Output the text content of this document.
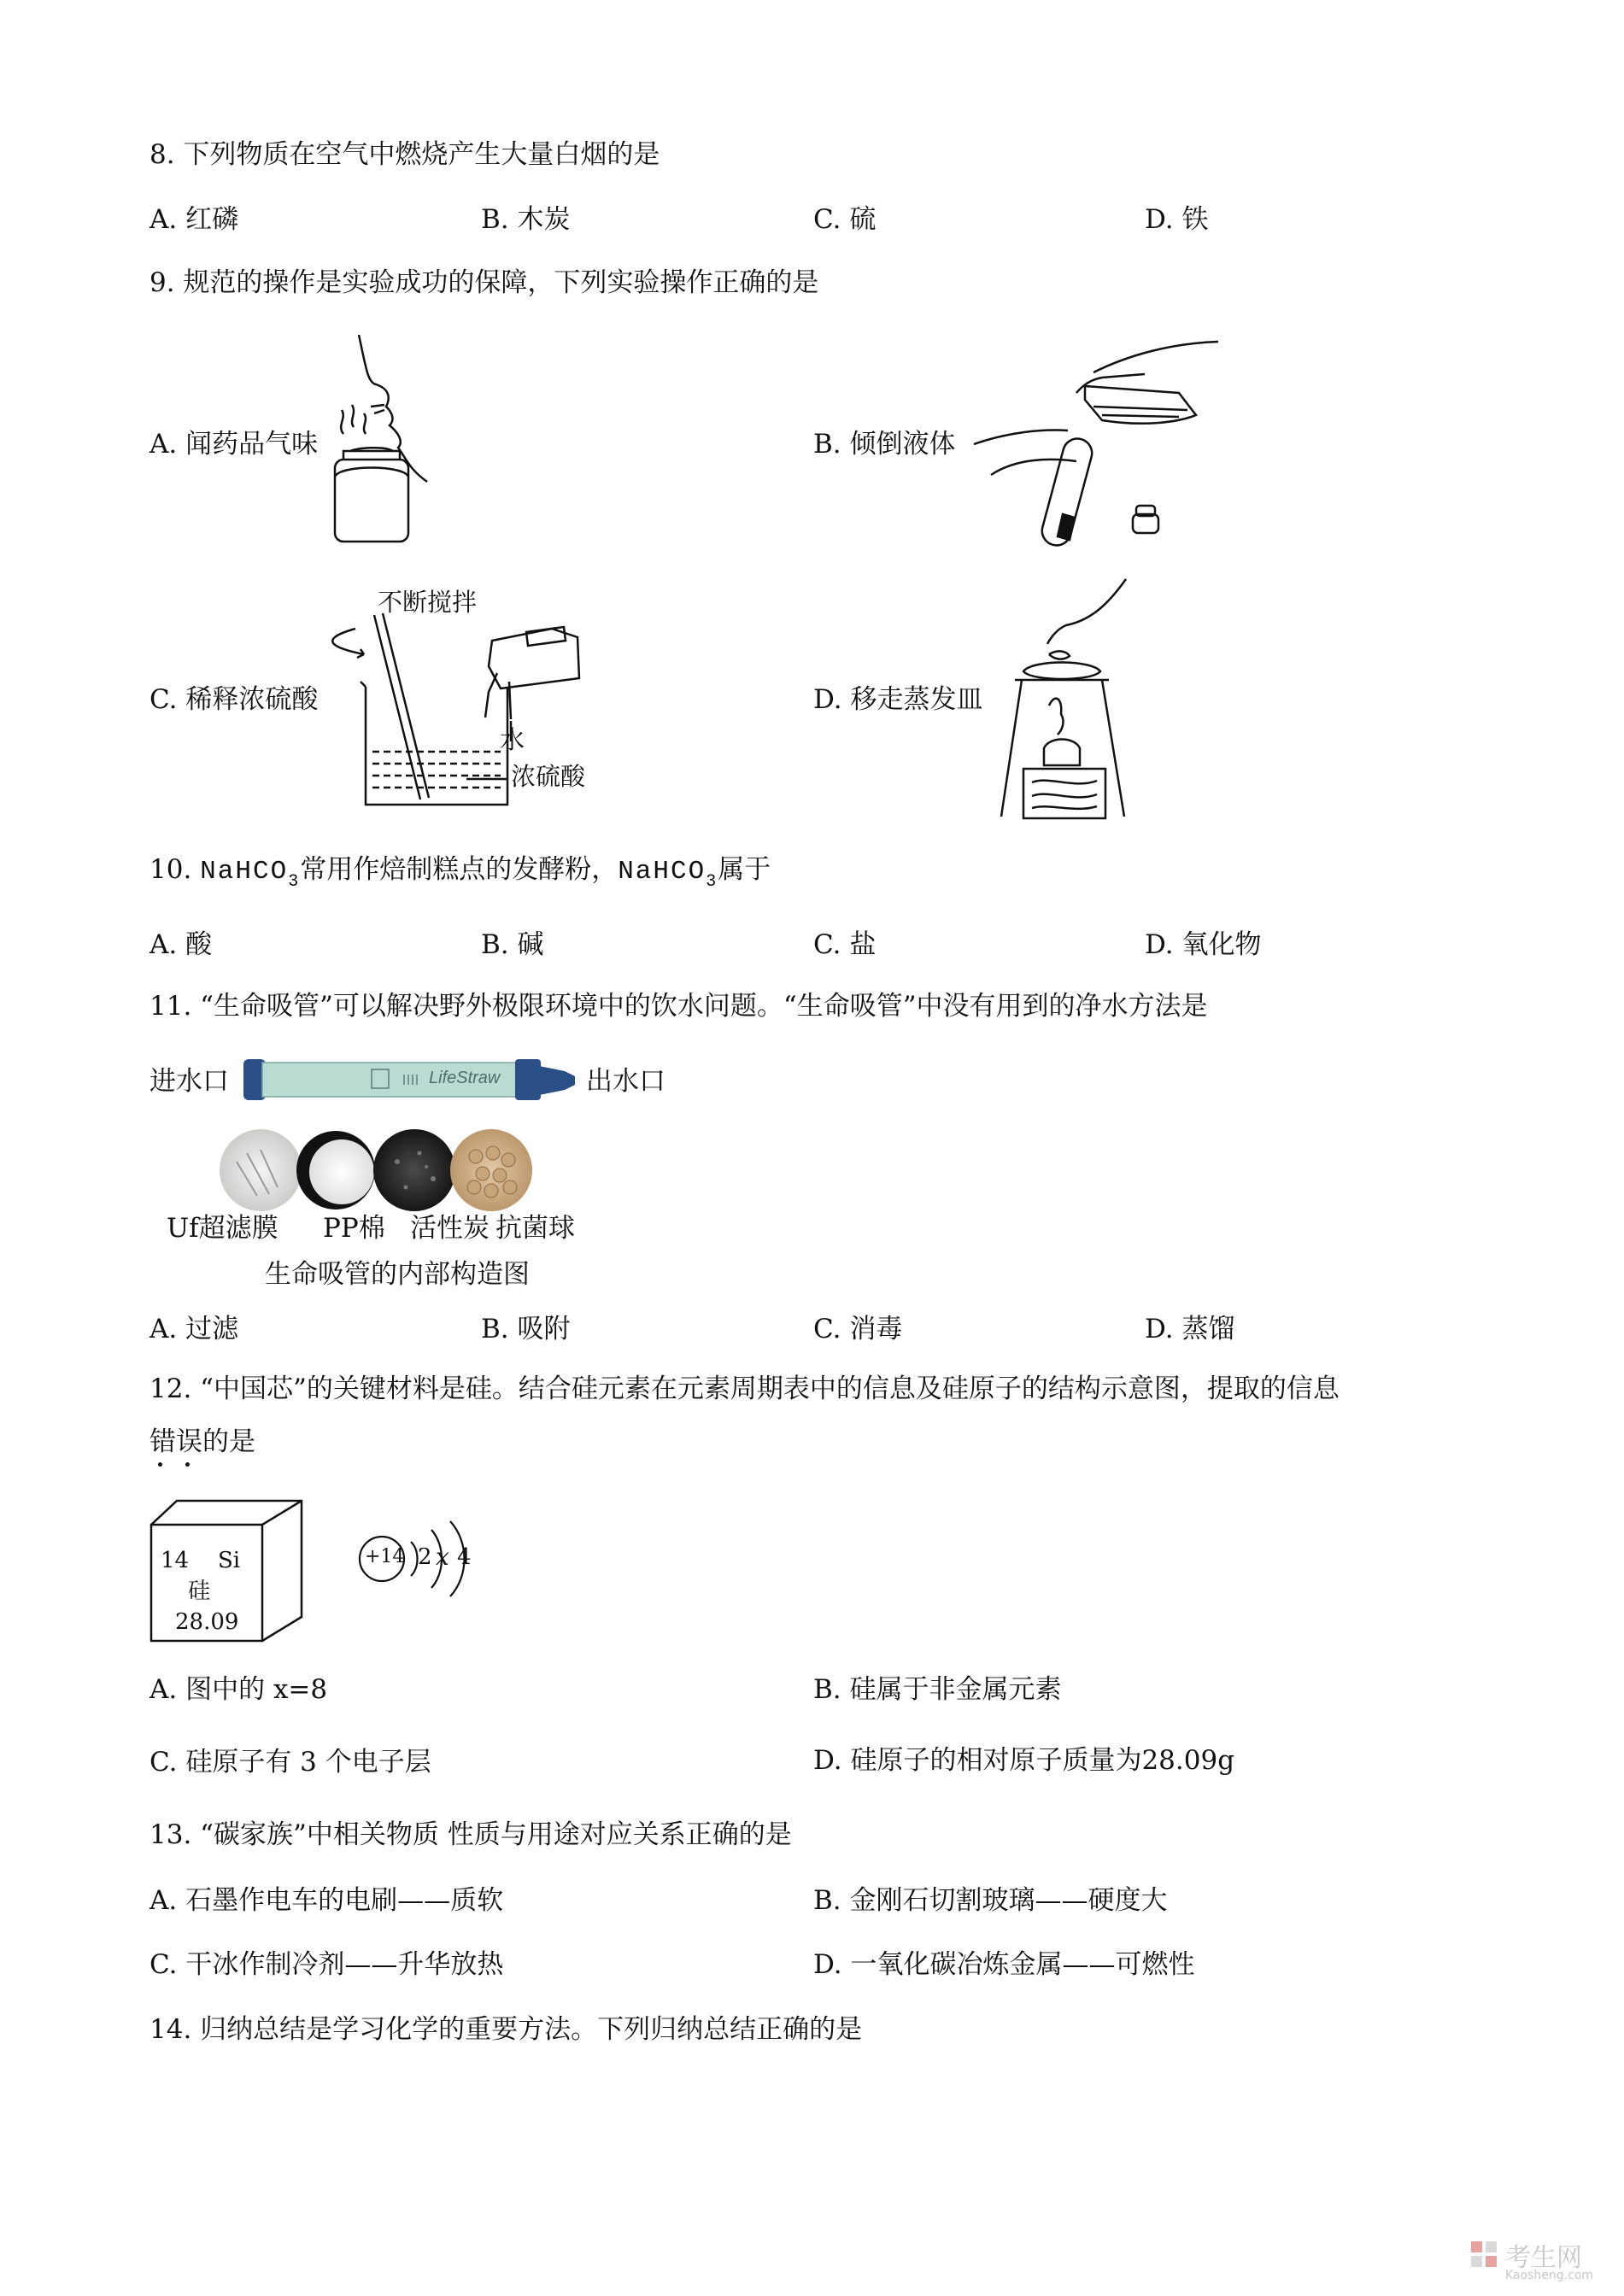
8. 下列物质在空气中燃烧产生大量白烟的是
A. 红磷	B. 木炭	C. 硫	D. 铁
9. 规范的操作是实验成功的保障，下列实验操作正确的是
A. 闻药品气味	B. 倾倒液体
C. 稀释浓硫酸	D. 移走蒸发皿
不断搅拌
水
浓硫酸
10. NaHCO$_3$常用作焙制糕点的发酵粉，NaHCO$_3$属于
A. 酸	B. 碱	C. 盐	D. 氧化物
11. “生命吸管”可以解决野外极限环境中的饮水问题。“生命吸管”中没有用到的净水方法是
进水口	出水口
LifeStraw
Uf超滤膜 PP棉 活性炭 抗菌球
生命吸管的内部构造图
A. 过滤	B. 吸附	C. 消毒	D. 蒸馏
12. “中国芯”的关键材料是硅。结合硅元素在元素周期表中的信息及硅原子的结构示意图，提取的信息
错误的是
14 Si
硅
28.09
+14 2 x 4
A. 图中的 x=8	B. 硅属于非金属元素
C. 硅原子有 3 个电子层	D. 硅原子的相对原子质量为28.09g
13. “碳家族”中相关物质 性质与用途对应关系正确的是
A. 石墨作电车的电刷——质软	B. 金刚石切割玻璃——硬度大
C. 干冰作制冷剂——升华放热	D. 一氧化碳冶炼金属——可燃性
14. 归纳总结是学习化学的重要方法。下列归纳总结正确的是
考生网
Kaosheng.com
